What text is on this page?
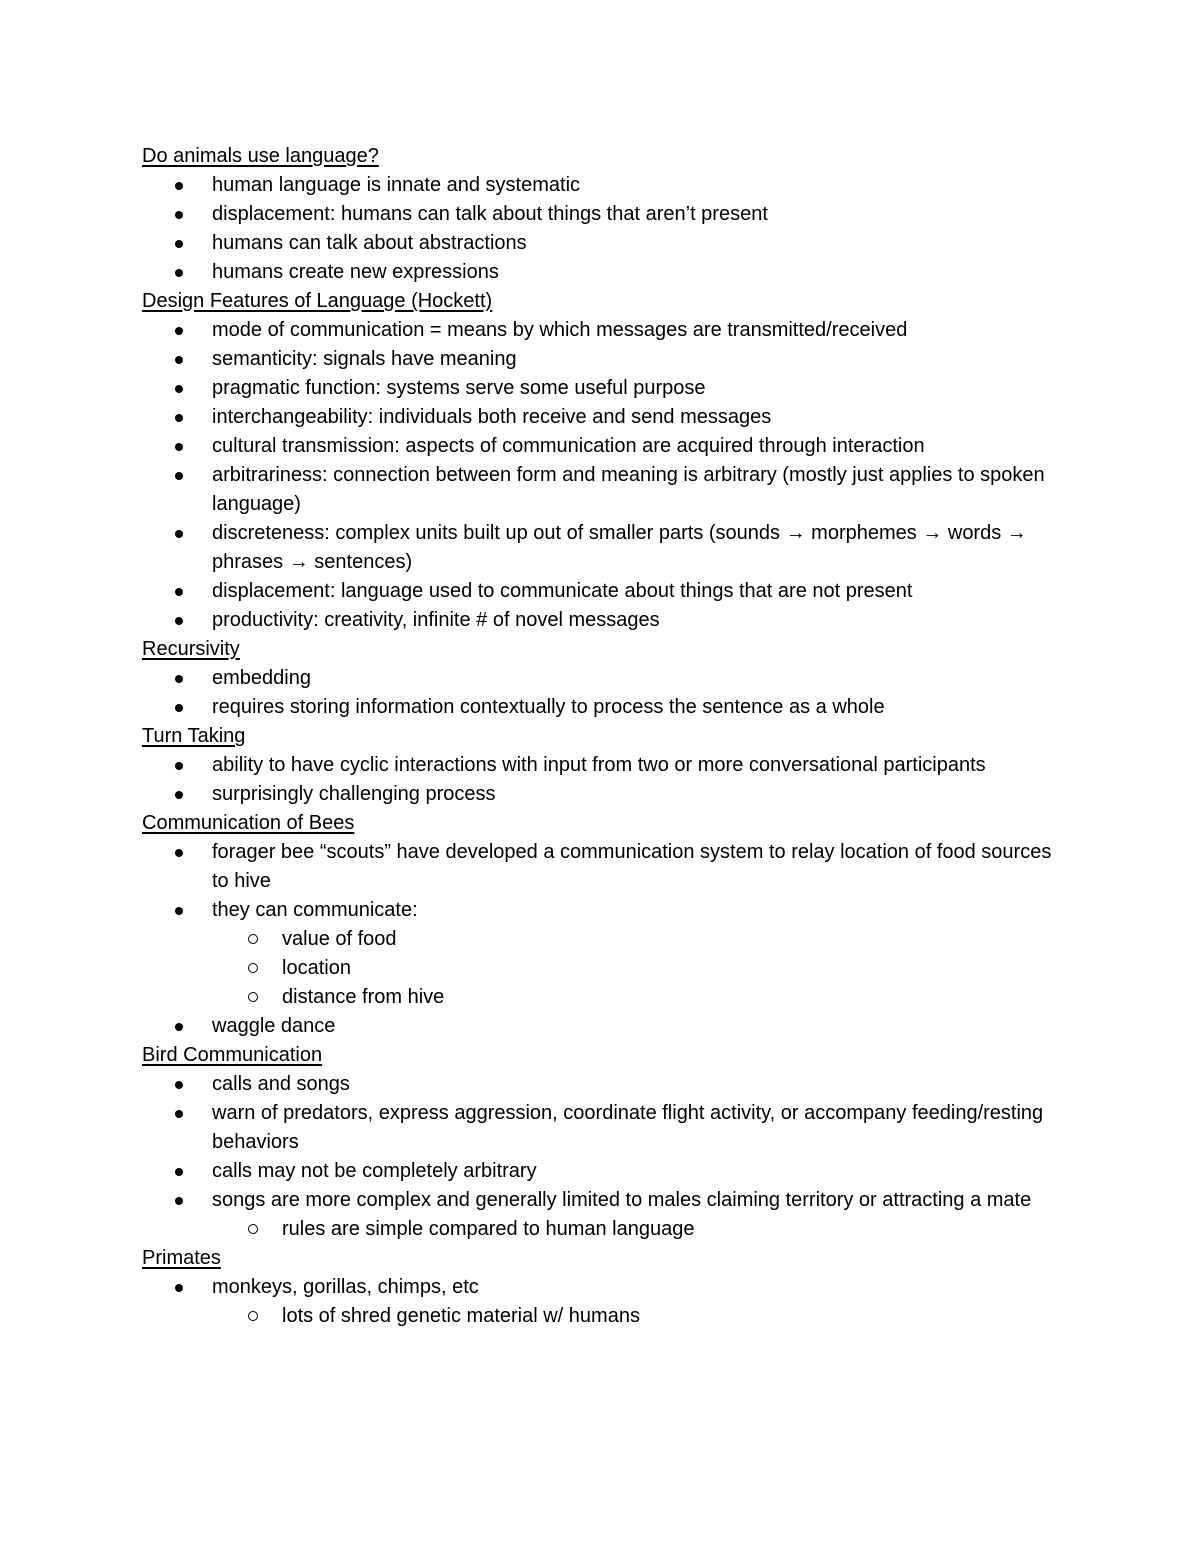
Do animals use language?
human language is innate and systematic
displacement: humans can talk about things that aren’t present
humans can talk about abstractions
humans create new expressions
Design Features of Language (Hockett)
mode of communication = means by which messages are transmitted/received
semanticity: signals have meaning
pragmatic function: systems serve some useful purpose
interchangeability: individuals both receive and send messages
cultural transmission: aspects of communication are acquired through interaction
arbitrariness: connection between form and meaning is arbitrary (mostly just applies to spoken language)
discreteness: complex units built up out of smaller parts (sounds → morphemes → words → phrases → sentences)
displacement: language used to communicate about things that are not present
productivity: creativity, infinite # of novel messages
Recursivity
embedding
requires storing information contextually to process the sentence as a whole
Turn Taking
ability to have cyclic interactions with input from two or more conversational participants
surprisingly challenging process
Communication of Bees
forager bee “scouts” have developed a communication system to relay location of food sources to hive
they can communicate:
value of food
location
distance from hive
waggle dance
Bird Communication
calls and songs
warn of predators, express aggression, coordinate flight activity, or accompany feeding/resting behaviors
calls may not be completely arbitrary
songs are more complex and generally limited to males claiming territory or attracting a mate
rules are simple compared to human language
Primates
monkeys, gorillas, chimps, etc
lots of shred genetic material w/ humans
